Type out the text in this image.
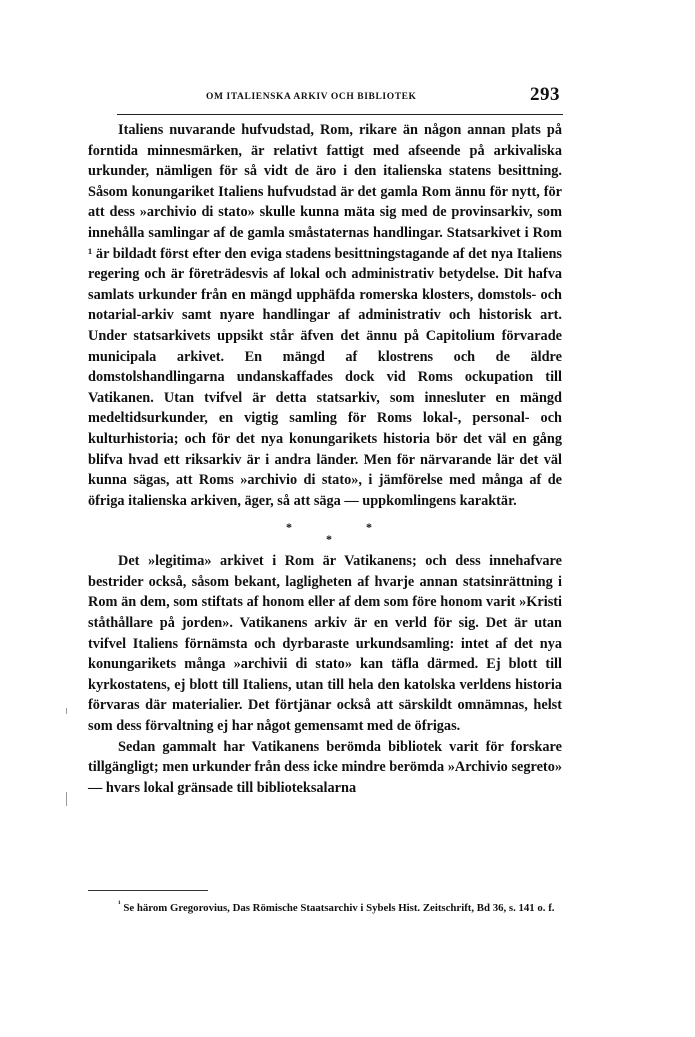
OM ITALIENSKA ARKIV OCH BIBLIOTEK	293

Italiens nuvarande hufvudstad, Rom, rikare än någon annan plats på forntida minnesmärken, är relativt fattigt med afseende på arkivaliska urkunder, nämligen för så vidt de äro i den italienska statens besittning. Såsom konungariket Italiens hufvudstad är det gamla Rom ännu för nytt, för att dess »archivio di stato» skulle kunna mäta sig med de provinsarkiv, som innehålla samlingar af de gamla småstaternas handlingar. Statsarkivet i Rom ¹ är bildadt först efter den eviga stadens besittningstagande af det nya Italiens regering och är företrädesvis af lokal och administrativ betydelse. Dit hafva samlats urkunder från en mängd upphäfda romerska klosters, domstols- och notarial-arkiv samt nyare handlingar af administrativ och historisk art. Under statsarkivets uppsikt står äfven det ännu på Capitolium förvarade municipala arkivet. En mängd af klostrens och de äldre domstolshandlingarna undanskaffades dock vid Roms ockupation till Vatikanen. Utan tvifvel är detta statsarkiv, som innesluter en mängd medeltidsurkunder, en vigtig samling för Roms lokal-, personal- och kulturhistoria; och för det nya konungarikets historia bör det väl en gång blifva hvad ett riksarkiv är i andra länder. Men för närvarande lär det väl kunna sägas, att Roms »archivio di stato», i jämförelse med många af de öfriga italienska arkiven, äger, så att säga — uppkomlingens karaktär.

*
*
*

Det »legitima» arkivet i Rom är Vatikanens; och dess innehafvare bestrider också, såsom bekant, lagligheten af hvarje annan statsinrättning i Rom än dem, som stiftats af honom eller af dem som före honom varit »Kristi ståthållare på jorden». Vatikanens arkiv är en verld för sig. Det är utan tvifvel Italiens förnämsta och dyrbaraste urkundsamling: intet af det nya konungarikets många »archivii di stato» kan täfla därmed. Ej blott till kyrkostatens, ej blott till Italiens, utan till hela den katolska verldens historia förvaras där materialier. Det förtjänar också att särskildt omnämnas, helst som dess förvaltning ej har något gemensamt med de öfrigas.

Sedan gammalt har Vatikanens berömda bibliotek varit för forskare tillgängligt; men urkunder från dess icke mindre berömda »Archivio segreto» — hvars lokal gränsade till biblioteksalarna

$^{^1}$ Se härom Gregorovius, Das Römische Staatsarchiv i Sybels Hist. Zeitschrift, Bd 36, s. 141 o. f.
